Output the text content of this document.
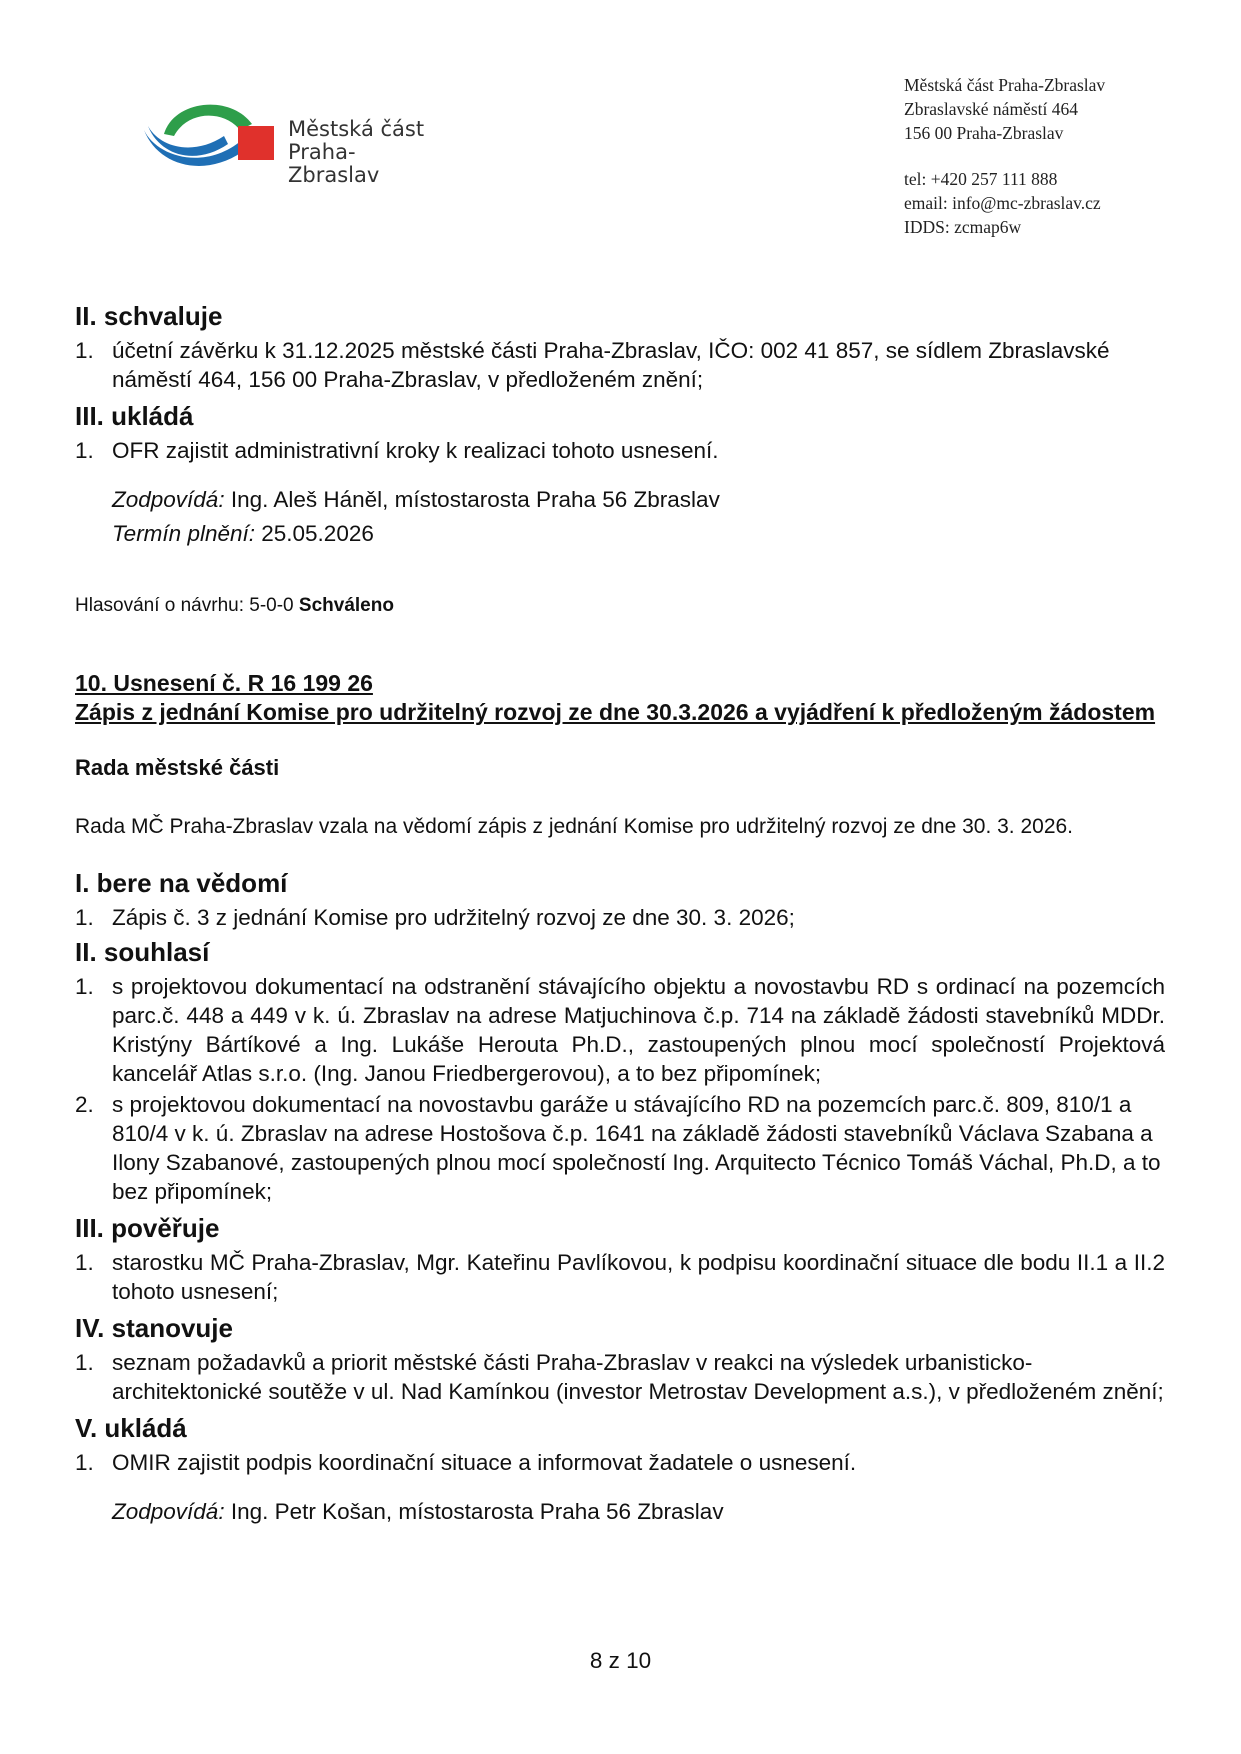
Městská část
Praha-Zbraslav
Městská část Praha-Zbraslav
Zbraslavské náměstí 464
156 00 Praha-Zbraslav
tel: +420 257 111 888
email: info@mc-zbraslav.cz
IDDS: zcmap6w

II. schvaluje

1. účetní závěrku k 31.12.2025 městské části Praha-Zbraslav, IČO: 002 41 857, se sídlem Zbraslavské náměstí 464, 156 00 Praha-Zbraslav, v předloženém znění;

III. ukládá

1. OFR zajistit administrativní kroky k realizaci tohoto usnesení.
Zodpovídá: Ing. Aleš Háněl, místostarosta Praha 56 Zbraslav
Termín plnění: 25.05.2026
Hlasování o návrhu: 5-0-0 Schváleno
10. Usnesení č. R 16 199 26
Zápis z jednání Komise pro udržitelný rozvoj ze dne 30.3.2026 a vyjádření k předloženým žádostem
Rada městské části
Rada MČ Praha-Zbraslav vzala na vědomí zápis z jednání Komise pro udržitelný rozvoj ze dne 30. 3. 2026.

I. bere na vědomí

1. Zápis č. 3 z jednání Komise pro udržitelný rozvoj ze dne 30. 3. 2026;

II. souhlasí

1. s projektovou dokumentací na odstranění stávajícího objektu a novostavbu RD s ordinací na pozemcích parc.č. 448 a 449 v k. ú. Zbraslav na adrese Matjuchinova č.p. 714 na základě žádosti stavebníků MDDr. Kristýny Bártíkové a Ing. Lukáše Herouta Ph.D., zastoupených plnou mocí společností Projektová kancelář Atlas s.r.o. (Ing. Janou Friedbergerovou), a to bez připomínek;
2. s projektovou dokumentací na novostavbu garáže u stávajícího RD na pozemcích parc.č. 809, 810/1 a 810/4 v k. ú. Zbraslav na adrese Hostošova č.p. 1641 na základě žádosti stavebníků Václava Szabana a Ilony Szabanové, zastoupených plnou mocí společností Ing. Arquitecto Técnico Tomáš Váchal, Ph.D, a to bez připomínek;

III. pověřuje

1. starostku MČ Praha-Zbraslav, Mgr. Kateřinu Pavlíkovou, k podpisu koordinační situace dle bodu II.1 a II.2 tohoto usnesení;

IV. stanovuje

1. seznam požadavků a priorit městské části Praha-Zbraslav v reakci na výsledek urbanisticko-architektonické soutěže v ul. Nad Kamínkou (investor Metrostav Development a.s.), v předloženém znění;

V. ukládá

1. OMIR zajistit podpis koordinační situace a informovat žadatele o usnesení.
Zodpovídá: Ing. Petr Košan, místostarosta Praha 56 Zbraslav
8 z 10
